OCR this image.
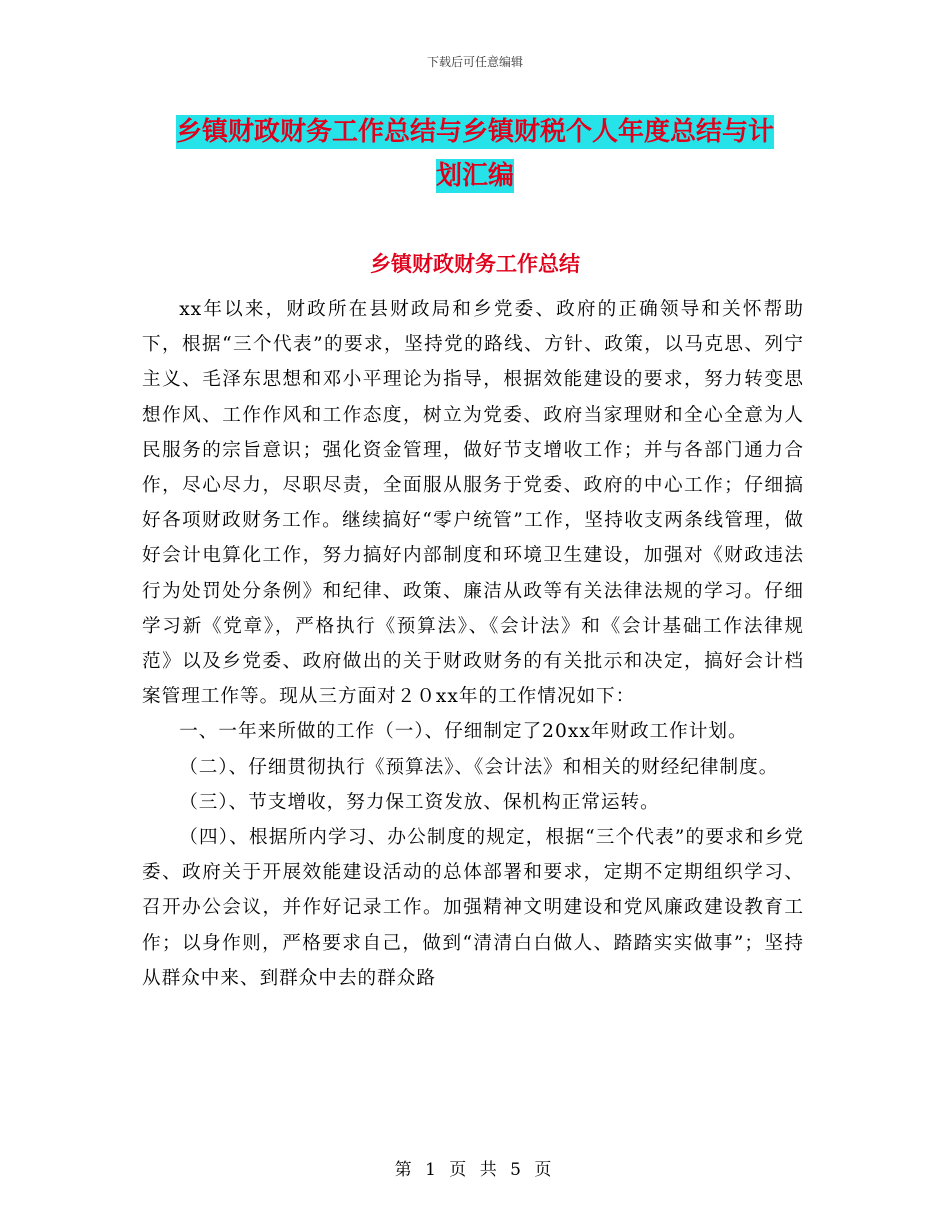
下载后可任意编辑
乡镇财政财务工作总结与乡镇财税个人年度总结与计
划汇编
乡镇财政财务工作总结

xx年以来，财政所在县财政局和乡党委、政府的正确领导和关怀帮助下，根据“三个代表”的要求，坚持党的路线、方针、政策，以马克思、列宁主义、毛泽东思想和邓小平理论为指导，根据效能建设的要求，努力转变思想作风、工作作风和工作态度，树立为党委、政府当家理财和全心全意为人民服务的宗旨意识；强化资金管理，做好节支增收工作；并与各部门通力合作，尽心尽力，尽职尽责，全面服从服务于党委、政府的中心工作；仔细搞好各项财政财务工作。继续搞好“零户统管”工作，坚持收支两条线管理，做好会计电算化工作，努力搞好内部制度和环境卫生建设，加强对《财政违法行为处罚处分条例》和纪律、政策、廉洁从政等有关法律法规的学习。仔细学习新《党章》，严格执行《预算法》、《会计法》和《会计基础工作法律规范》以及乡党委、政府做出的关于财政财务的有关批示和决定，搞好会计档案管理工作等。现从三方面对２０xx年的工作情况如下：

一、一年来所做的工作（一）、仔细制定了20xx年财政工作计划。

（二）、仔细贯彻执行《预算法》、《会计法》和相关的财经纪律制度。

（三）、节支增收，努力保工资发放、保机构正常运转。

（四）、根据所内学习、办公制度的规定，根据“三个代表”的要求和乡党委、政府关于开展效能建设活动的总体部署和要求，定期不定期组织学习、召开办公会议，并作好记录工作。加强精神文明建设和党风廉政建设教育工作；以身作则，严格要求自己，做到“清清白白做人、踏踏实实做事”；坚持从群众中来、到群众中去的群众路

第 1 页 共 5 页
